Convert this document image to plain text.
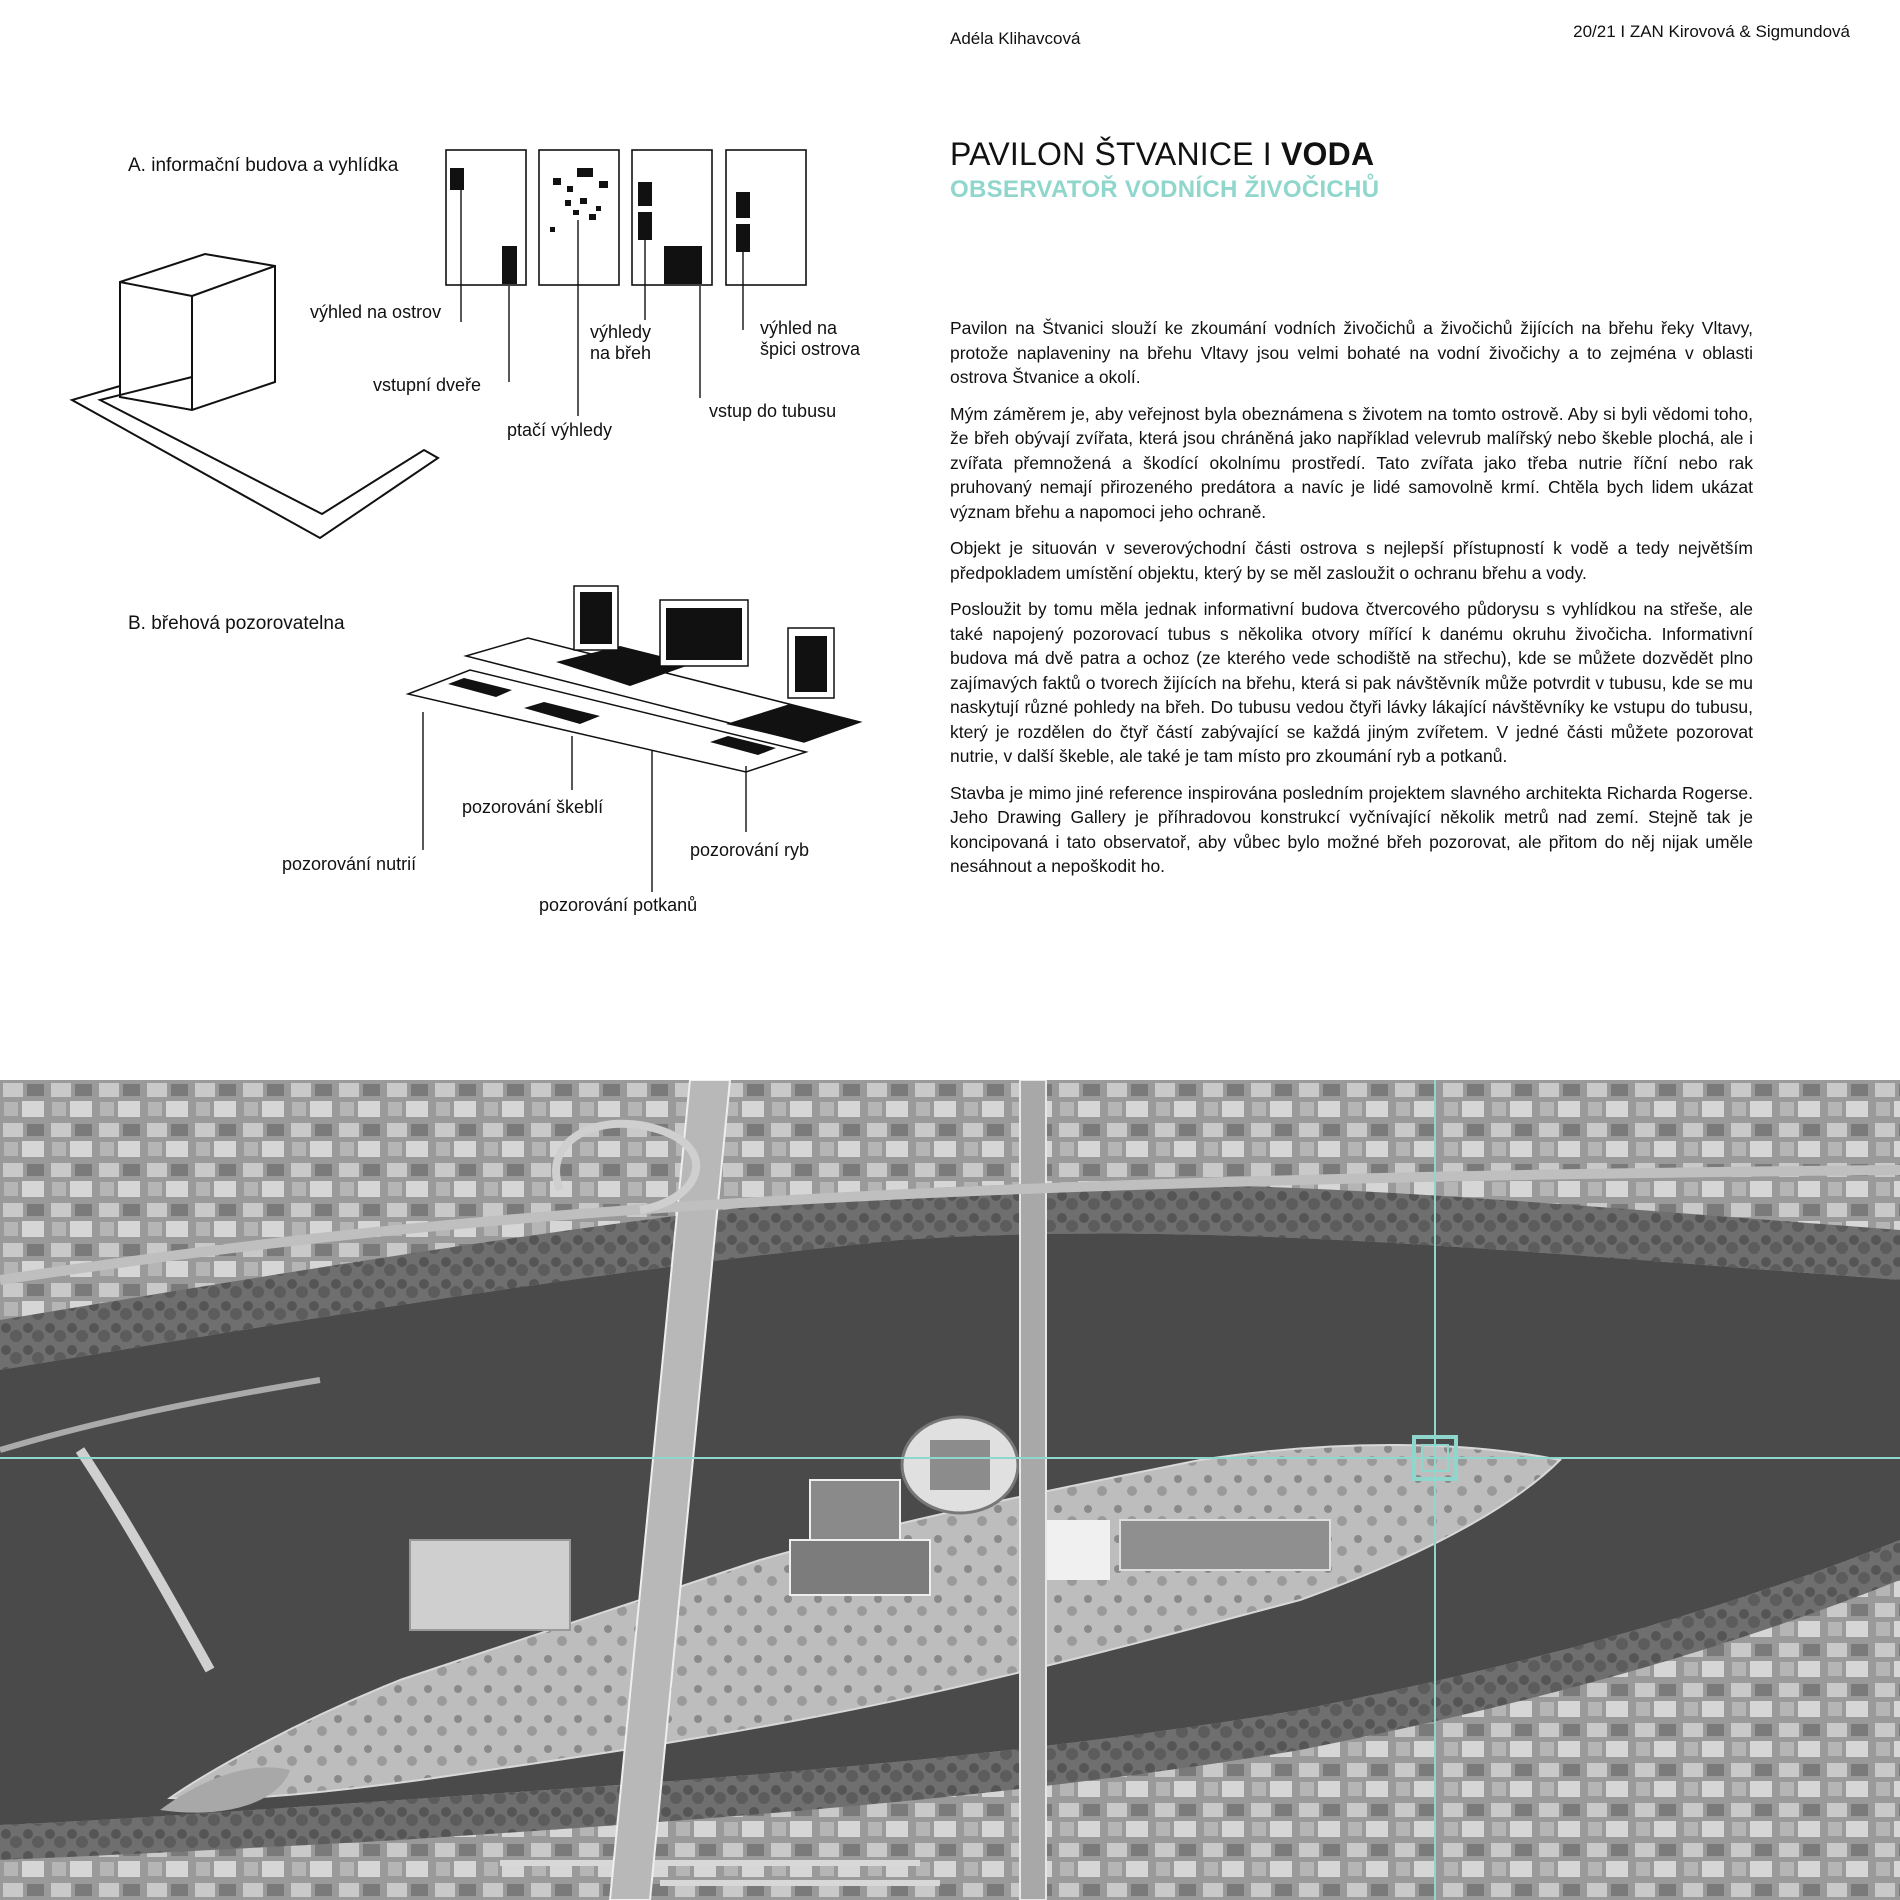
Adéla Klihavcová	20/21 I ZAN Kirovová & Sigmundová
PAVILON ŠTVANICE I VODA
OBSERVATOŘ VODNÍCH ŽIVOČICHŮ
A. informační budova a vyhlídka
výhled na ostrov
vstupní dveře
ptačí výhledy
výhledy
na břeh
vstup do tubusu
výhled na
špici ostrova
B. břehová pozorovatelna
pozorování škeblí
pozorování ryb
pozorování nutrií
pozorování potkanů

Pavilon na Štvanici slouží ke zkoumání vodních živočichů a živočichů žijících na břehu řeky Vltavy, protože naplaveniny na břehu Vltavy jsou velmi bohaté na vodní živočichy a to zejména v oblasti ostrova Štvanice a okolí.

Mým záměrem je, aby veřejnost byla obeznámena s životem na tomto ostrově. Aby si byli vědomi toho, že břeh obývají zvířata, která jsou chráněná jako například velevrub malířský nebo škeble plochá, ale i zvířata přemnožená a škodící okolnímu prostředí. Tato zvířata jako třeba nutrie říční nebo rak pruhovaný nemají přirozeného predátora a navíc je lidé samovolně krmí. Chtěla bych lidem ukázat význam břehu a napomoci jeho ochraně.

Objekt je situován v severovýchodní části ostrova s nejlepší přístupností k vodě a tedy největším předpokladem umístění objektu, který by se měl zasloužit o ochranu břehu a vody.

Posloužit by tomu měla jednak informativní budova čtvercového půdorysu s vyhlídkou na střeše, ale také napojený pozorovací tubus s několika otvory mířící k danému okruhu živočicha. Informativní budova má dvě patra a ochoz (ze kterého vede schodiště na střechu), kde se můžete dozvědět plno zajímavých faktů o tvorech žijících na břehu, která si pak návštěvník může potvrdit v tubusu, kde se mu naskytují různé pohledy na břeh. Do tubusu vedou čtyři lávky lákající návštěvníky ke vstupu do tubusu, který je rozdělen do čtyř částí zabývající se každá jiným zvířetem. V jedné části můžete pozorovat nutrie, v další škeble, ale také je tam místo pro zkoumání ryb a potkanů.

Stavba je mimo jiné reference inspirována posledním projektem slavného architekta Richarda Rogerse. Jeho Drawing Gallery je příhradovou konstrukcí vyčnívající několik metrů nad zemí. Stejně tak je koncipovaná i tato observatoř, aby vůbec bylo možné břeh pozorovat, ale přitom do něj nijak uměle nesáhnout a nepoškodit ho.
